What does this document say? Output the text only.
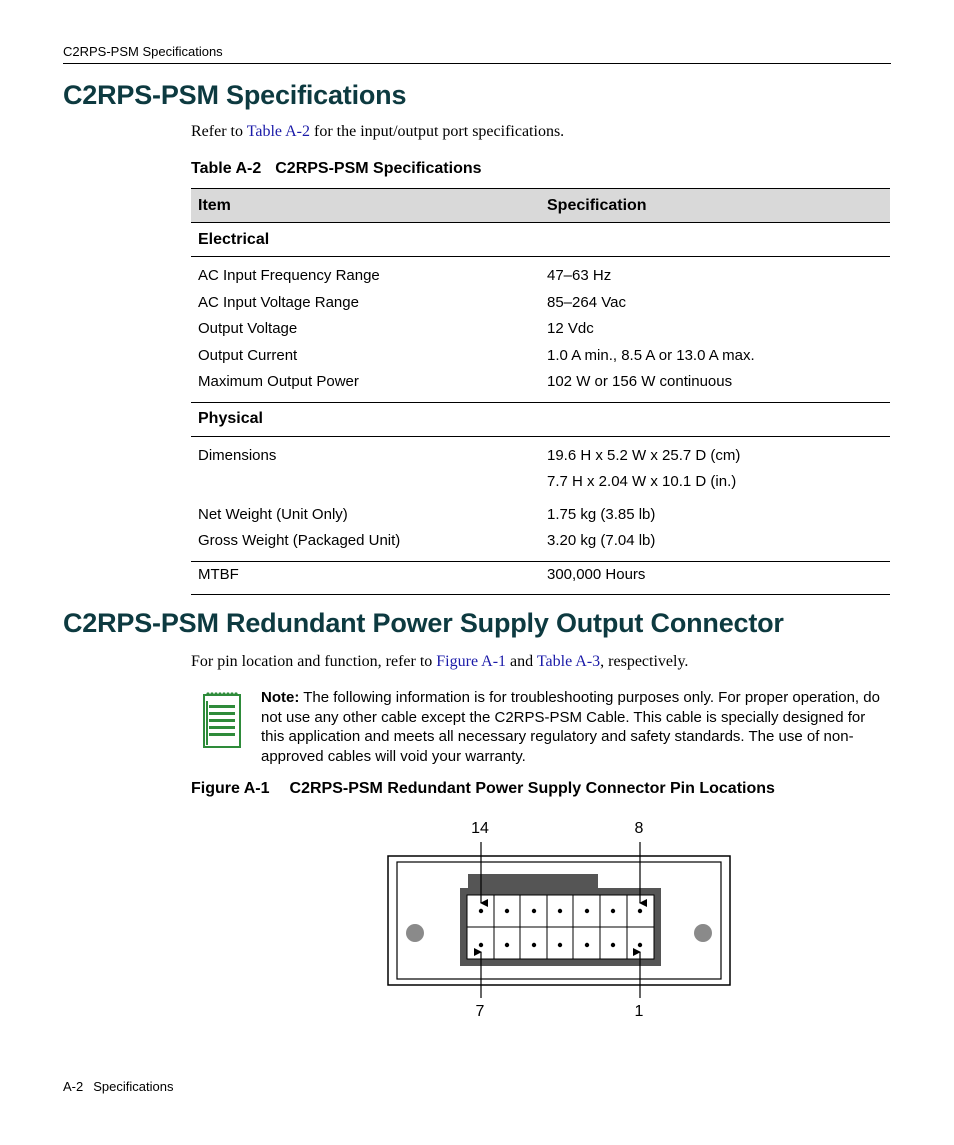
C2RPS-PSM Specifications
C2RPS-PSM Specifications
Refer to Table A-2 for the input/output port specifications.
Table A-2 C2RPS-PSM Specifications
Item	Specification
Electrical	
AC Input Frequency Range	47–63 Hz
AC Input Voltage Range	85–264 Vac
Output Voltage	12 Vdc
Output Current	1.0 A min., 8.5 A or 13.0 A max.
Maximum Output Power	102 W or 156 W continuous
Physical	
Dimensions	19.6 H x 5.2 W x 25.7 D (cm)
	7.7 H x 2.04 W x 10.1 D (in.)
Net Weight (Unit Only)	1.75 kg (3.85 lb)
Gross Weight (Packaged Unit)	3.20 kg (7.04 lb)
MTBF	300,000 Hours
C2RPS-PSM Redundant Power Supply Output Connector
For pin location and function, refer to Figure A-1 and Table A-3, respectively.
Note: The following information is for troubleshooting purposes only. For proper operation, do not use any other cable except the C2RPS-PSM Cable. This cable is specially designed for this application and meets all necessary regulatory and safety standards. The use of non-approved cables will void your warranty.
Figure A-1 C2RPS-PSM Redundant Power Supply Connector Pin Locations
14	8
7	1
A-2 Specifications
